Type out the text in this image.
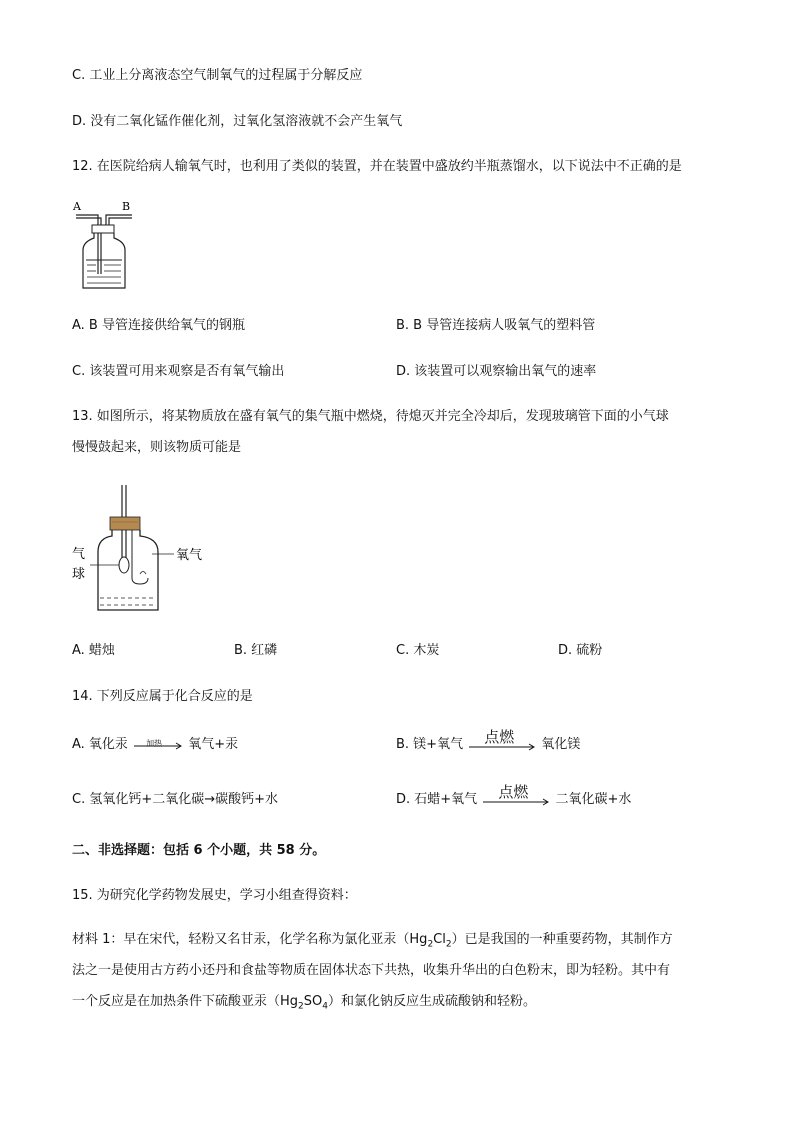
C. 工业上分离液态空气制氧气的过程属于分解反应
D. 没有二氧化锰作催化剂，过氧化氢溶液就不会产生氧气
12. 在医院给病人输氧气时，也利用了类似的装置，并在装置中盛放约半瓶蒸馏水，以下说法中不正确的是
A	B
A. B 导管连接供给氧气的钢瓶	B. B 导管连接病人吸氧气的塑料管
C. 该装置可用来观察是否有氧气输出	D. 该装置可以观察输出氧气的速率
13. 如图所示，将某物质放在盛有氧气的集气瓶中燃烧，待熄灭并完全冷却后，发现玻璃管下面的小气球
慢慢鼓起来，则该物质可能是
气
球
氧气
A. 蜡烛	B. 红磷	C. 木炭	D. 硫粉
14. 下列反应属于化合反应的是
A. 氧化汞 加热 氧气+汞	B. 镁+氧气 点燃 氧化镁
C. 氢氧化钙+二氧化碳→碳酸钙+水	D. 石蜡+氧气 点燃 二氧化碳+水
二、非选择题：包括 6 个小题，共 58 分。
15. 为研究化学药物发展史，学习小组查得资料：
材料 1：早在宋代，轻粉又名甘汞，化学名称为氯化亚汞$(Hg_2Cl_2)$已是我国的一种重要药物，其制作方
法之一是使用古方药小还丹和食盐等物质在固体状态下共热，收集升华出的白色粉末，即为轻粉。其中有
一个反应是在加热条件下硫酸亚汞$(Hg_2SO_4)$和氯化钠反应生成硫酸钠和轻粉。
